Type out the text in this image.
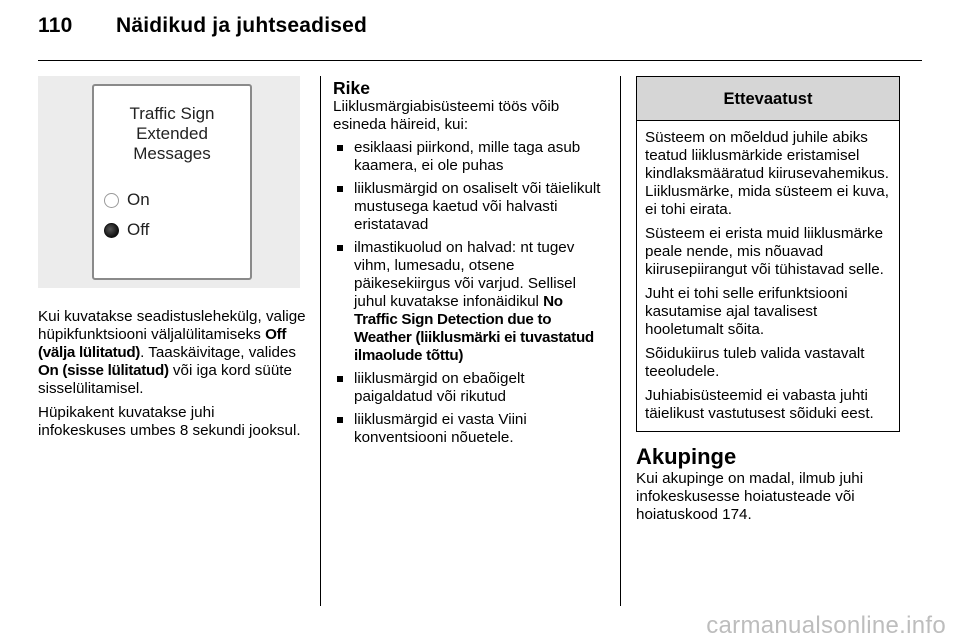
110 Näidikud ja juhtseadised
Traffic Sign
Extended
Messages
On
Off

Kui kuvatakse seadistuslehekülg, valige hüpikfunktsiooni väljalülitamiseks Off (välja lülitatud). Taaskäivitage, valides On (sisse lülitatud) või iga kord süüte sisselülitamisel.

Hüpikakent kuvatakse juhi infokeskuses umbes 8 sekundi jooksul.

Rike
Liiklusmärgiabisüsteemi töös võib esineda häireid, kui:
esiklaasi piirkond, mille taga asub kaamera, ei ole puhas
liiklusmärgid on osaliselt või täielikult mustusega kaetud või halvasti eristatavad
ilmastikuolud on halvad: nt tugev vihm, lumesadu, otsene päikesekiirgus või varjud. Sellisel juhul kuvatakse infonäidikul No Traffic Sign Detection due to Weather (liiklusmärki ei tuvastatud ilmaolude tõttu)
liiklusmärgid on ebaõigelt paigaldatud või rikutud
liiklusmärgid ei vasta Viini konventsiooni nõuetele.
Ettevaatust

Süsteem on mõeldud juhile abiks teatud liiklusmärkide eristamisel kindlaksmääratud kiirusevahemikus. Liiklusmärke, mida süsteem ei kuva, ei tohi eirata.

Süsteem ei erista muid liiklusmärke peale nende, mis nõuavad kiirusepiirangut või tühistavad selle.

Juht ei tohi selle erifunktsiooni kasutamise ajal tavalisest hooletumalt sõita.

Sõidukiirus tuleb valida vastavalt teeoludele.

Juhiabisüsteemid ei vabasta juhti täielikust vastutusest sõiduki eest.

Akupinge
Kui akupinge on madal, ilmub juhi infokeskusesse hoiatusteade või hoiatuskood 174.
carmanualsonline.info
